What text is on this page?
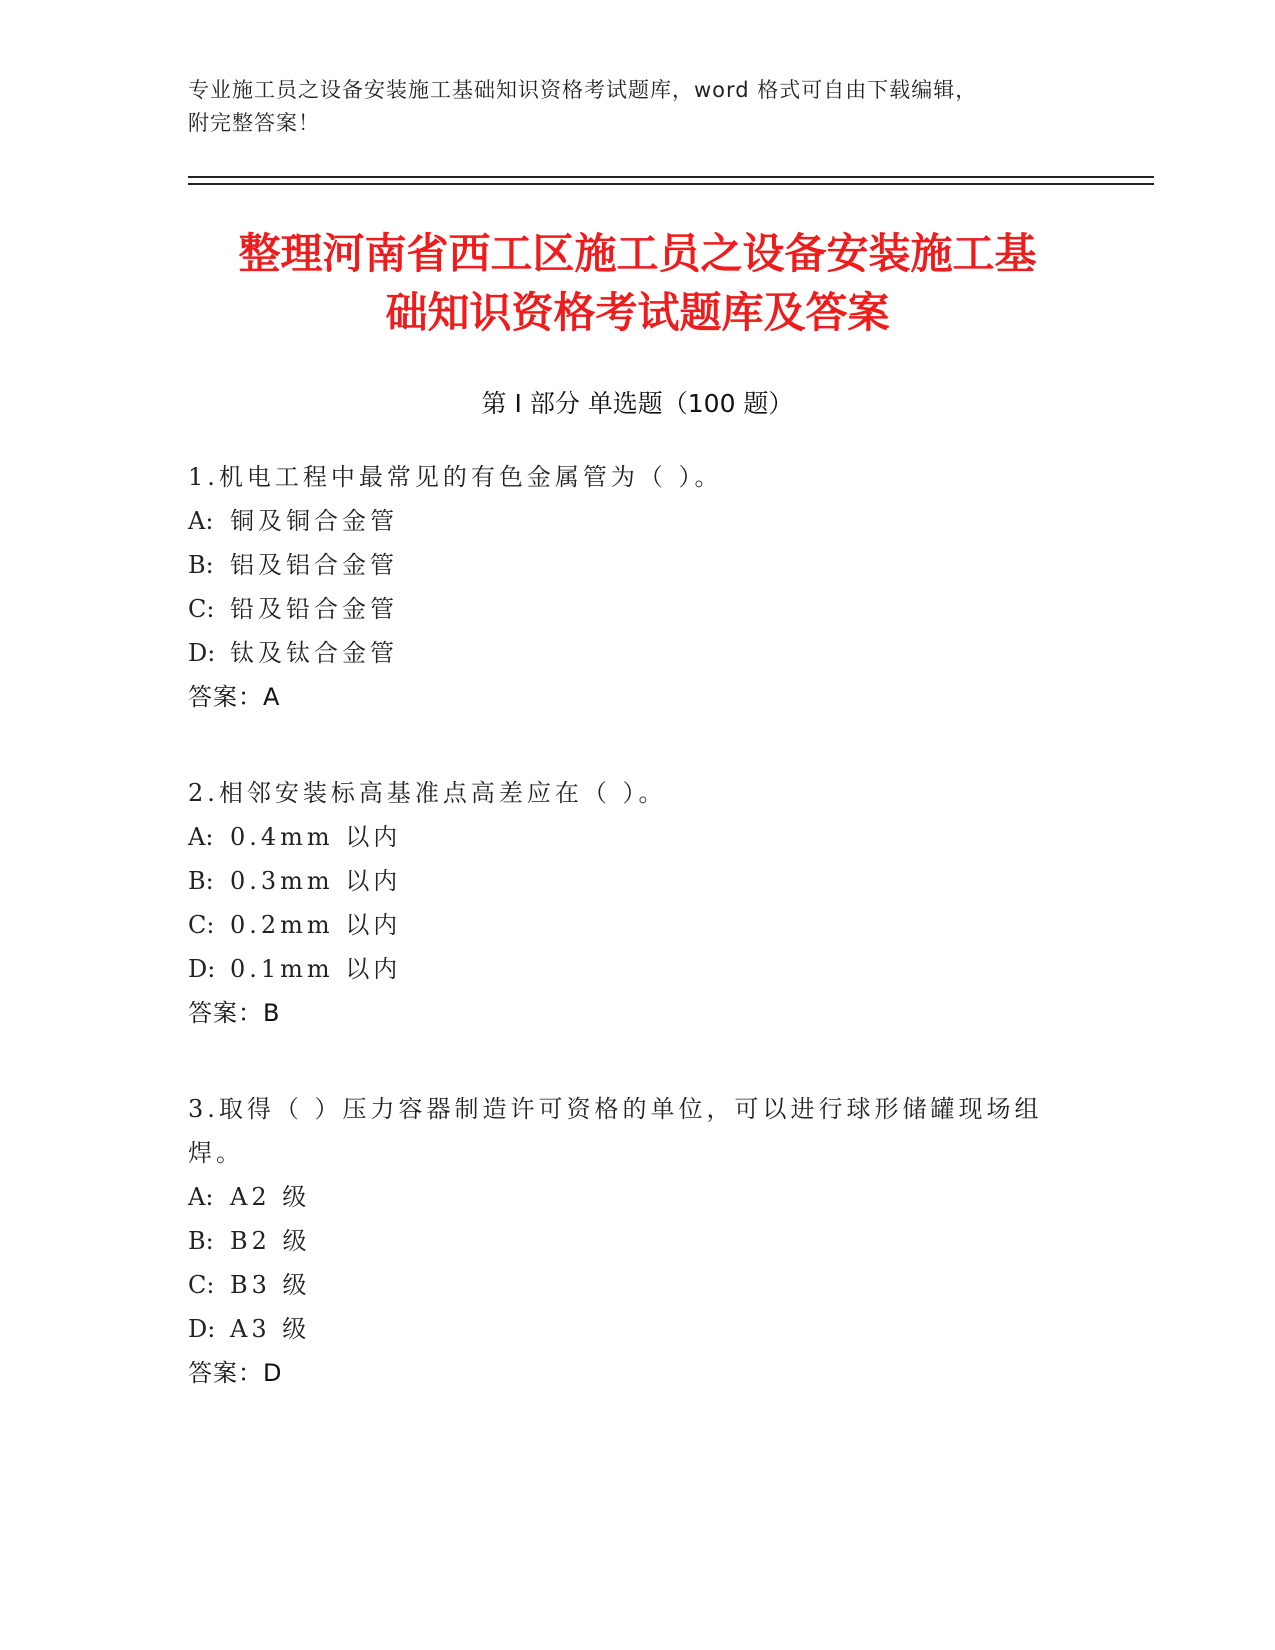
专业施工员之设备安装施工基础知识资格考试题库，word 格式可自由下载编辑，
附完整答案！
整理河南省西工区施工员之设备安装施工基
础知识资格考试题库及答案
第 I 部分 单选题（100 题）
1.机电工程中最常见的有色金属管为（ ）。
A: 铜及铜合金管
B: 铝及铝合金管
C: 铅及铅合金管
D: 钛及钛合金管
答案：A
2.相邻安装标高基准点高差应在（ ）。
A: 0.4mm 以内
B: 0.3mm 以内
C: 0.2mm 以内
D: 0.1mm 以内
答案：B
3.取得（ ）压力容器制造许可资格的单位，可以进行球形储罐现场组
焊。
A: A2 级
B: B2 级
C: B3 级
D: A3 级
答案：D
